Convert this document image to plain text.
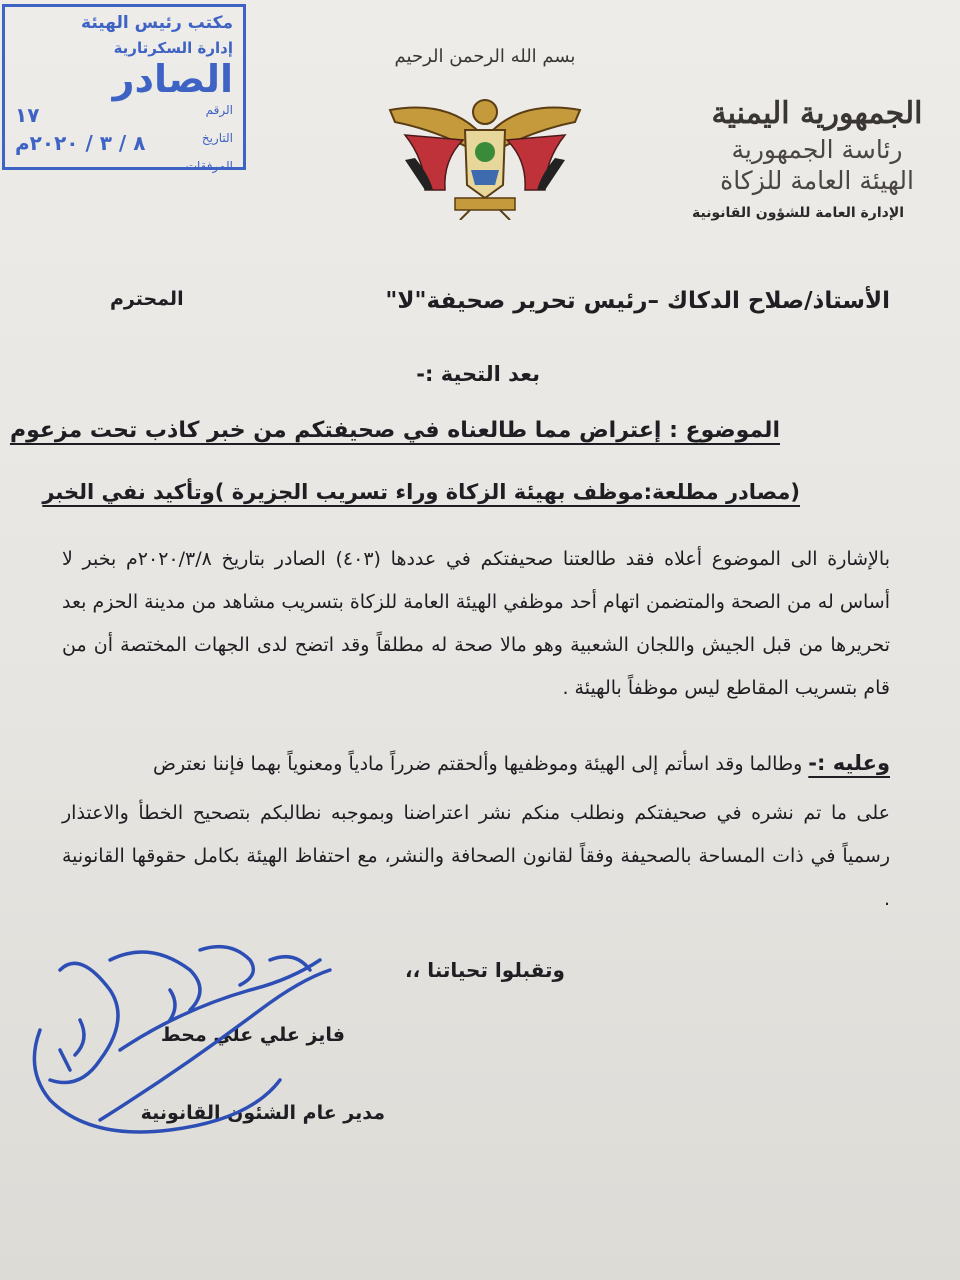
مكتب رئيس الهيئة
إدارة السكرتارية
الصادر
الرقم
١٧
التاريخ
٨ / ٣ / ٢٠٢٠م
المرفقات
بسم الله الرحمن الرحيم
الجمهورية اليمنية
رئاسة الجمهورية
الهيئة العامة للزكاة
الإدارة العامة للشؤون القانونية
الأستاذ/صلاح الدكاك –رئيس تحرير صحيفة"لا"
المحترم
بعد التحية :-
الموضوع : إعتراض مما طالعناه في صحيفتكم من خبر كاذب تحت مزعوم
(مصادر مطلعة:موظف بهيئة الزكاة وراء تسريب الجزيرة )وتأكيد نفي الخبر
بالإشارة الى الموضوع أعلاه فقد طالعتنا صحيفتكم في عددها (٤٠٣) الصادر بتاريخ ٢٠٢٠/٣/٨م بخبر لا أساس له من الصحة والمتضمن اتهام أحد موظفي الهيئة العامة للزكاة بتسريب مشاهد من مدينة الحزم بعد تحريرها من قبل الجيش واللجان الشعبية وهو مالا صحة له مطلقاً وقد اتضح لدى الجهات المختصة أن من قام بتسريب المقاطع ليس موظفاً بالهيئة .
وعليه :- وطالما وقد اسأتم إلى الهيئة وموظفيها وألحقتم ضرراً مادياً ومعنوياً بهما فإننا نعترض
على ما تم نشره في صحيفتكم ونطلب منكم نشر اعتراضنا وبموجبه نطالبكم بتصحيح الخطأ والاعتذار رسمياً في ذات المساحة بالصحيفة وفقاً لقانون الصحافة والنشر، مع احتفاظ الهيئة بكامل حقوقها القانونية .
وتقبلوا تحياتنا ،،
فايز علي علي محط
مدير عام الشئون القانونية
